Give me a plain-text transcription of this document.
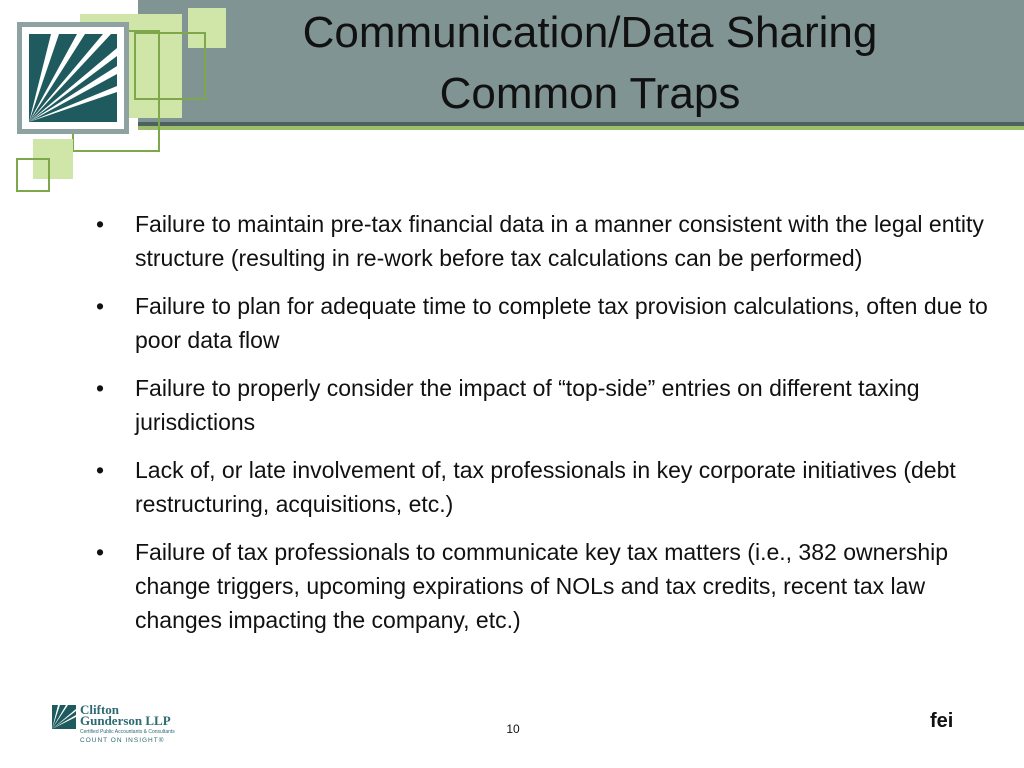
Communication/Data Sharing
Common Traps
• Failure to maintain pre-tax financial data in a manner consistent with the legal entity structure (resulting in re-work before tax calculations can be performed)
• Failure to plan for adequate time to complete tax provision calculations, often due to poor data flow
• Failure to properly consider the impact of “top-side” entries on different taxing jurisdictions
• Lack of, or late involvement of, tax professionals in key corporate initiatives (debt restructuring, acquisitions, etc.)
• Failure of tax professionals to communicate key tax matters (i.e., 382 ownership change triggers, upcoming expirations of NOLs and tax credits, recent tax law changes impacting the company, etc.)
Clifton
Gunderson LLP
Certified Public Accountants & Consultants
COUNT ON INSIGHT®
10	fei
